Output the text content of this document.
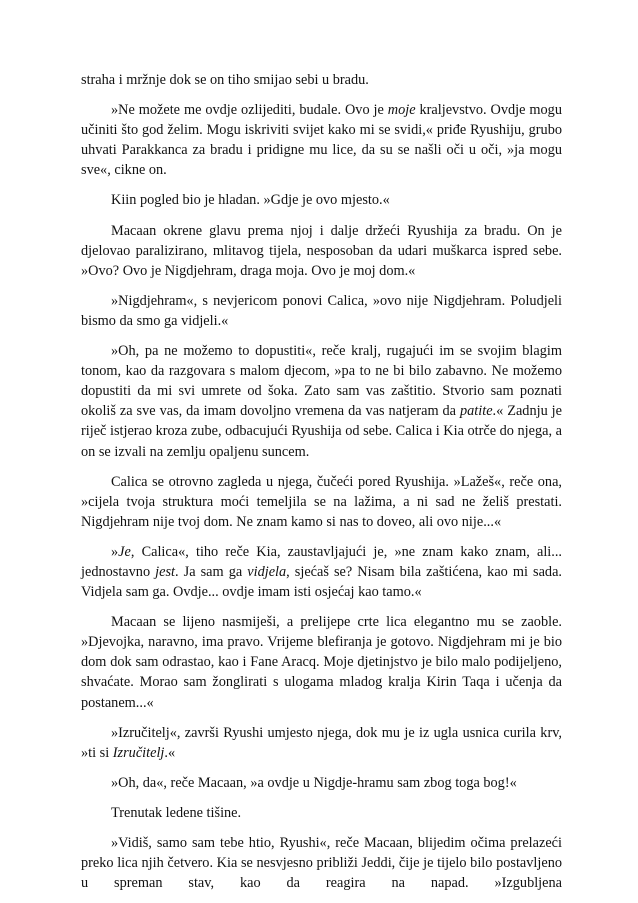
straha i mržnje dok se on tiho smijao sebi u bradu.

»Ne možete me ovdje ozlijediti, budale. Ovo je moje kraljevstvo. Ovdje mogu učiniti što god želim. Mogu iskriviti svijet kako mi se svidi,« priđe Ryushiju, grubo uhvati Parakkanca za bradu i pridigne mu lice, da su se našli oči u oči, »ja mogu sve«, cikne on.

Kiin pogled bio je hladan. »Gdje je ovo mjesto.«

Macaan okrene glavu prema njoj i dalje držeći Ryushija za bradu. On je djelovao paralizirano, mlitavog tijela, nesposoban da udari muškarca ispred sebe. »Ovo? Ovo je Nigdjehram, draga moja. Ovo je moj dom.«

»Nigdjehram«, s nevjericom ponovi Calica, »ovo nije Nigdjehram. Poludjeli bismo da smo ga vidjeli.«

»Oh, pa ne možemo to dopustiti«, reče kralj, rugajući im se svojim blagim tonom, kao da razgovara s malom djecom, »pa to ne bi bilo zabavno. Ne možemo dopustiti da mi svi umrete od šoka. Zato sam vas zaštitio. Stvorio sam poznati okoliš za sve vas, da imam dovoljno vremena da vas natjeram da patite.« Zadnju je riječ istjerao kroza zube, odbacujući Ryushija od sebe. Calica i Kia otrče do njega, a on se izvali na zemlju opaljenu suncem.

Calica se otrovno zagleda u njega, čučeći pored Ryushija. »Lažeš«, reče ona, »cijela tvoja struktura moći temeljila se na lažima, a ni sad ne želiš prestati. Nigdjehram nije tvoj dom. Ne znam kamo si nas to doveo, ali ovo nije...«

»Je, Calica«, tiho reče Kia, zaustavljajući je, »ne znam kako znam, ali... jednostavno jest. Ja sam ga vidjela, sjećaš se? Nisam bila zaštićena, kao mi sada. Vidjela sam ga. Ovdje... ovdje imam isti osjećaj kao tamo.«

Macaan se lijeno nasmiješi, a prelijepe crte lica elegantno mu se zaoble. »Djevojka, naravno, ima pravo. Vrijeme blefiranja je gotovo. Nigdjehram mi je bio dom dok sam odrastao, kao i Fane Aracq. Moje djetinjstvo je bilo malo podijeljeno, shvaćate. Morao sam žonglirati s ulogama mladog kralja Kirin Taqa i učenja da postanem...«

»Izručitelj«, završi Ryushi umjesto njega, dok mu je iz ugla usnica curila krv, »ti si Izručitelj.«

»Oh, da«, reče Macaan, »a ovdje u Nigdje-hramu sam zbog toga bog!«

Trenutak ledene tišine.

»Vidiš, samo sam tebe htio, Ryushi«, reče Macaan, blijedim očima prelazeći preko lica njih četvero. Kia se nesvjesno približi Jeddi, čije je tijelo bilo postavljeno u spreman stav, kao da reagira na napad. »Izgubljena
